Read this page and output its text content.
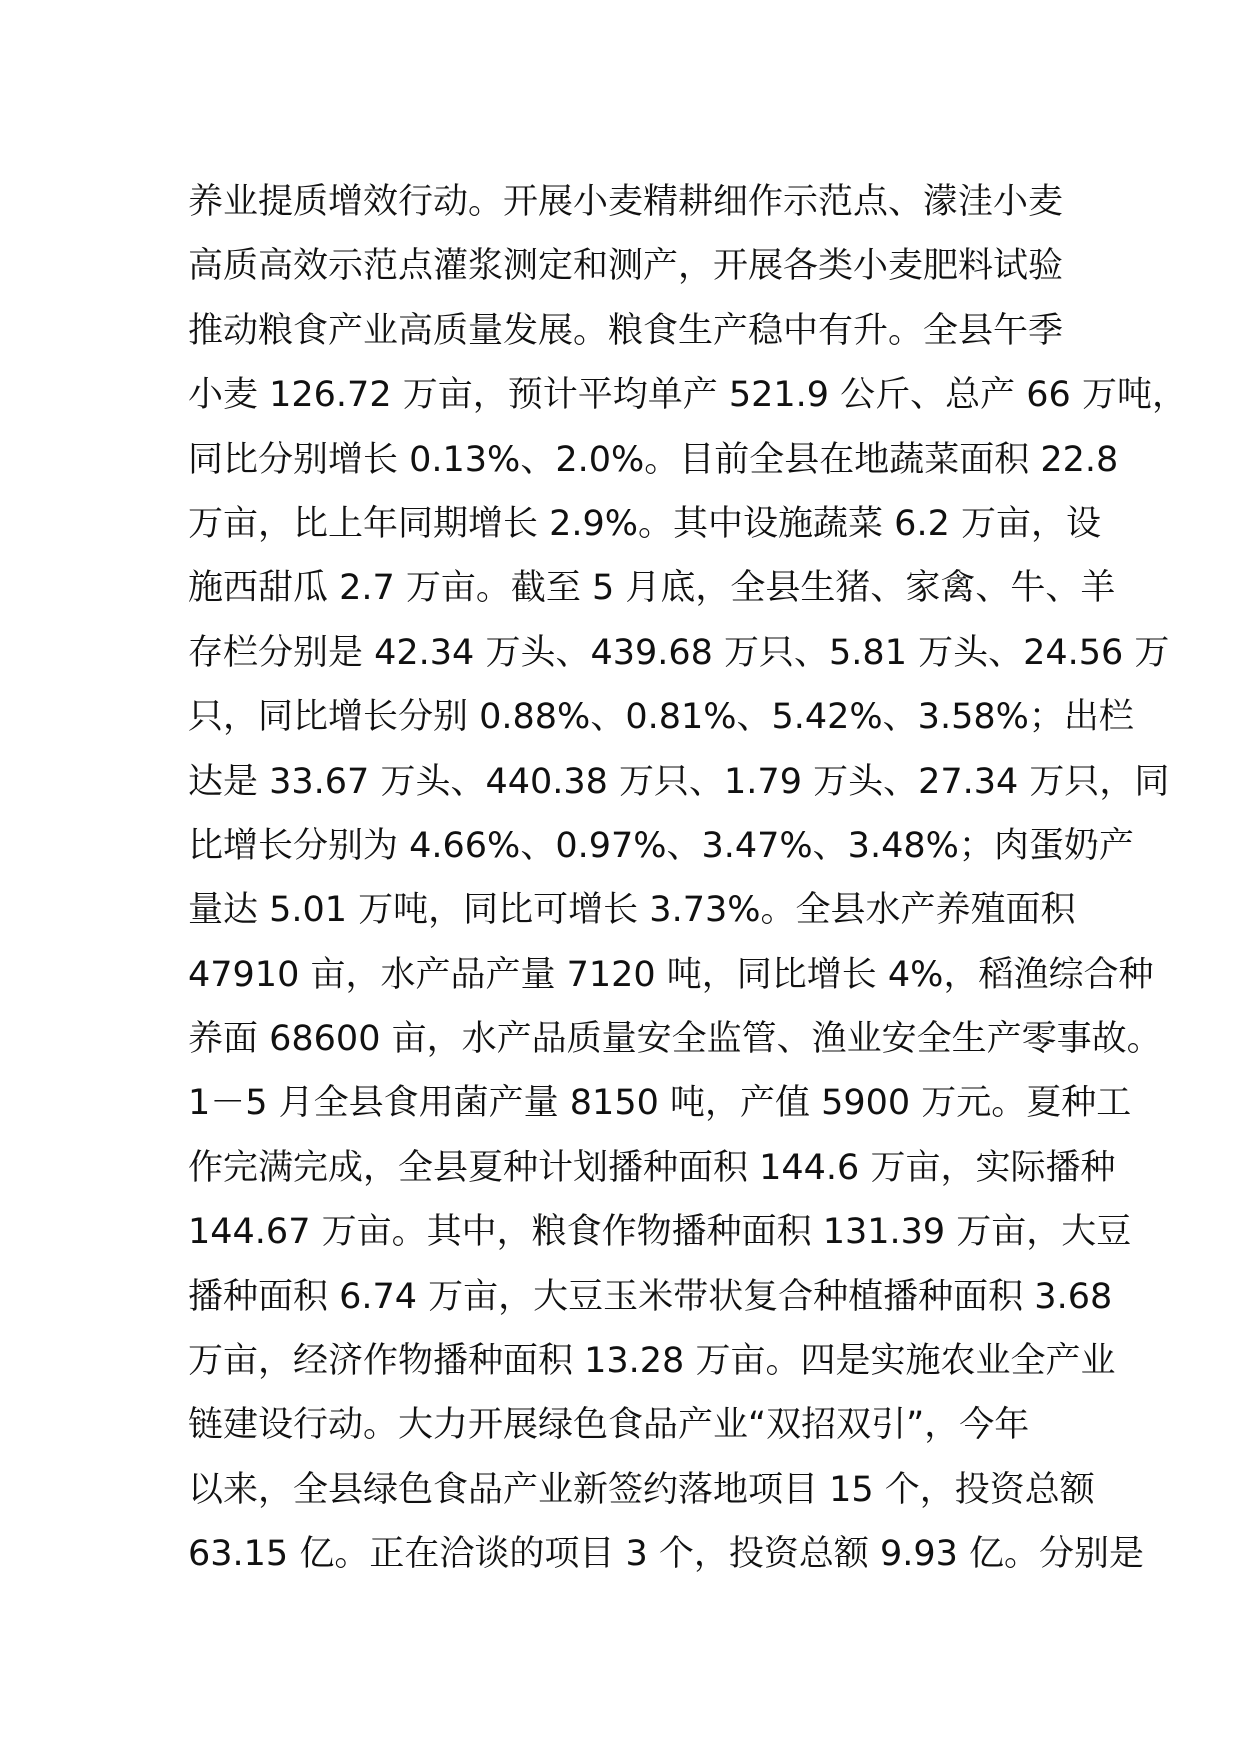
养业提质增效行动。开展小麦精耕细作示范点、濛洼小麦
高质高效示范点灌浆测定和测产，开展各类小麦肥料试验
推动粮食产业高质量发展。粮食生产稳中有升。全县午季
小麦 126.72 万亩，预计平均单产 521.9 公斤、总产 66 万吨，
同比分别增长 0.13%、2.0%。目前全县在地蔬菜面积 22.8
万亩，比上年同期增长 2.9%。其中设施蔬菜 6.2 万亩，设
施西甜瓜 2.7 万亩。截至 5 月底，全县生猪、家禽、牛、羊
存栏分别是 42.34 万头、439.68 万只、5.81 万头、24.56 万
只，同比增长分别 0.88%、0.81%、5.42%、3.58%；出栏
达是 33.67 万头、440.38 万只、1.79 万头、27.34 万只，同
比增长分别为 4.66%、0.97%、3.47%、3.48%；肉蛋奶产
量达 5.01 万吨，同比可增长 3.73%。全县水产养殖面积
47910 亩，水产品产量 7120 吨，同比增长 4%，稻渔综合种
养面 68600 亩，水产品质量安全监管、渔业安全生产零事故。
1－5 月全县食用菌产量 8150 吨，产值 5900 万元。夏种工
作完满完成，全县夏种计划播种面积 144.6 万亩，实际播种
144.67 万亩。其中，粮食作物播种面积 131.39 万亩，大豆
播种面积 6.74 万亩，大豆玉米带状复合种植播种面积 3.68
万亩，经济作物播种面积 13.28 万亩。四是实施农业全产业
链建设行动。大力开展绿色食品产业“双招双引”，今年
以来，全县绿色食品产业新签约落地项目 15 个，投资总额
63.15 亿。正在洽谈的项目 3 个，投资总额 9.93 亿。分别是
